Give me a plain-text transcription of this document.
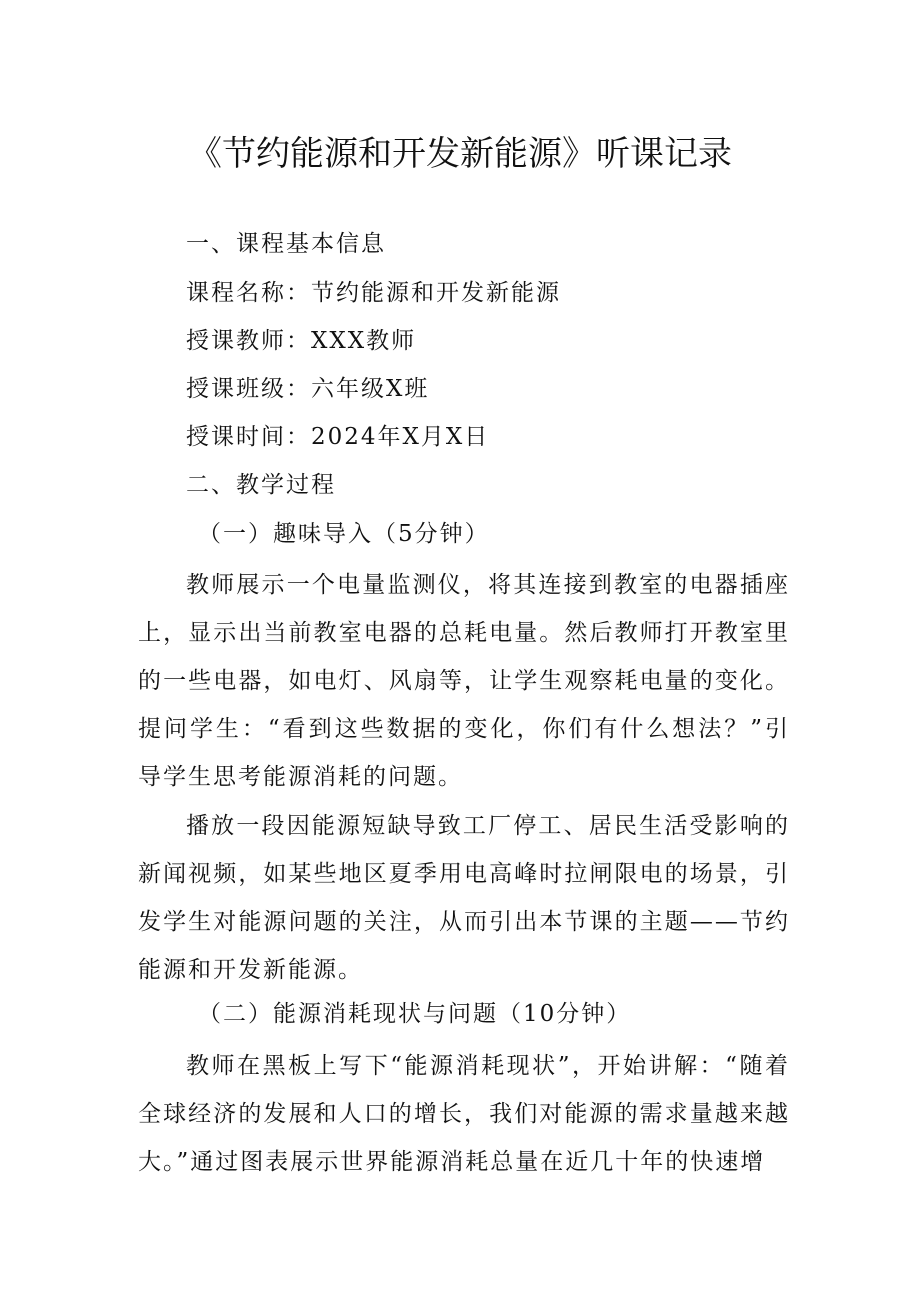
《节约能源和开发新能源》听课记录
一、课程基本信息
课程名称：节约能源和开发新能源
授课教师：XXX教师
授课班级：六年级X班
授课时间：2024年X月X日
二、教学过程
（一）趣味导入（5分钟）
教师展示一个电量监测仪，将其连接到教室的电器插座上，显示出当前教室电器的总耗电量。然后教师打开教室里的一些电器，如电灯、风扇等，让学生观察耗电量的变化。提问学生：“看到这些数据的变化，你们有什么想法？”引导学生思考能源消耗的问题。
播放一段因能源短缺导致工厂停工、居民生活受影响的新闻视频，如某些地区夏季用电高峰时拉闸限电的场景，引发学生对能源问题的关注，从而引出本节课的主题——节约能源和开发新能源。
（二）能源消耗现状与问题（10分钟）
教师在黑板上写下“能源消耗现状”，开始讲解：“随着全球经济的发展和人口的增长，我们对能源的需求量越来越大。”通过图表展示世界能源消耗总量在近几十年的快速增
